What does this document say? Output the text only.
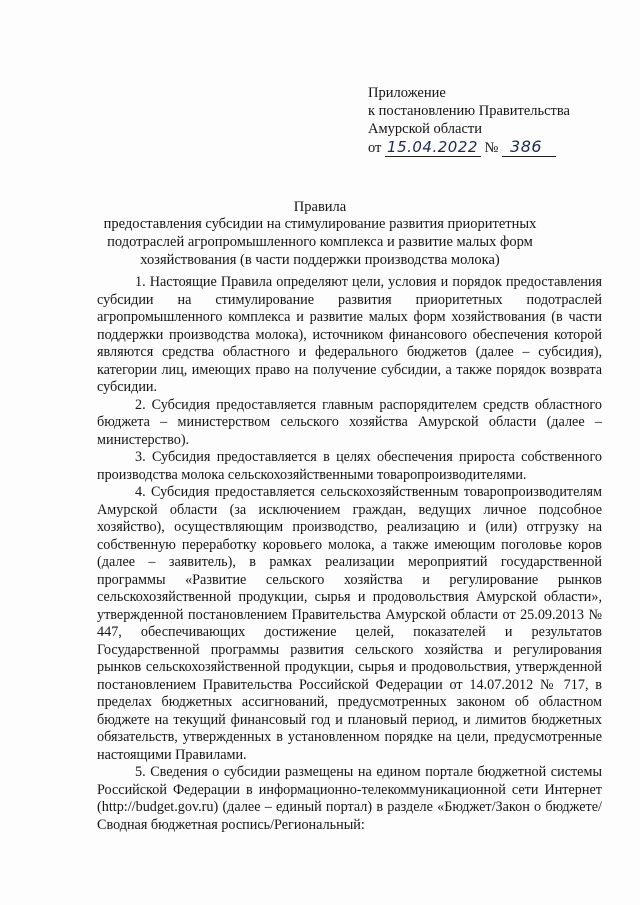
Приложение
к постановлению Правительства
Амурской области
от 15.04.2022 № 386
Правила
предоставления субсидии на стимулирование развития приоритетных подотраслей агропромышленного комплекса и развитие малых форм хозяйствования (в части поддержки производства молока)

1. Настоящие Правила определяют цели, условия и порядок предоставления субсидии на стимулирование развития приоритетных подотраслей агропромышленного комплекса и развитие малых форм хозяйствования (в части поддержки производства молока), источником финансового обеспечения которой являются средства областного и федерального бюджетов (далее – субсидия), категории лиц, имеющих право на получение субсидии, а также порядок возврата субсидии.

2. Субсидия предоставляется главным распорядителем средств областного бюджета – министерством сельского хозяйства Амурской области (далее – министерство).

3. Субсидия предоставляется в целях обеспечения прироста собственного производства молока сельскохозяйственными товаропроизводителями.

4. Субсидия предоставляется сельскохозяйственным товаропроизводителям Амурской области (за исключением граждан, ведущих личное подсобное хозяйство), осуществляющим производство, реализацию и (или) отгрузку на собственную переработку коровьего молока, а также имеющим поголовье коров (далее – заявитель), в рамках реализации мероприятий государственной программы «Развитие сельского хозяйства и регулирование рынков сельскохозяйственной продукции, сырья и продовольствия Амурской области», утвержденной постановлением Правительства Амурской области от 25.09.2013 № 447, обеспечивающих достижение целей, показателей и результатов Государственной программы развития сельского хозяйства и регулирования рынков сельскохозяйственной продукции, сырья и продовольствия, утвержденной постановлением Правительства Российской Федерации от 14.07.2012 № 717, в пределах бюджетных ассигнований, предусмотренных законом об областном бюджете на текущий финансовый год и плановый период, и лимитов бюджетных обязательств, утвержденных в установленном порядке на цели, предусмотренные настоящими Правилами.

5. Сведения о субсидии размещены на едином портале бюджетной системы Российской Федерации в информационно-телекоммуникационной сети Интернет (http://budget.gov.ru) (далее – единый портал) в разделе «Бюджет/Закон о бюджете/Сводная бюджетная роспись/Региональный:
